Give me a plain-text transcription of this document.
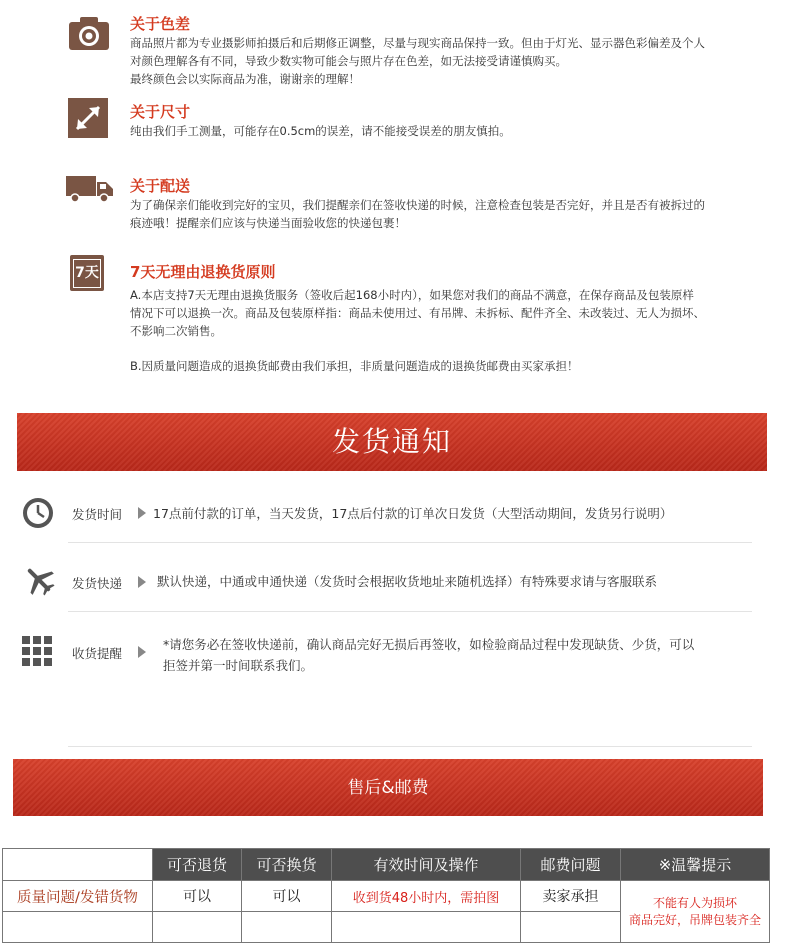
关于色差
商品照片都为专业摄影师拍摄后和后期修正调整，尽量与现实商品保持一致。但由于灯光、显示器色彩偏差及个人
对颜色理解各有不同，导致少数实物可能会与照片存在色差，如无法接受请谨慎购买。
最终颜色会以实际商品为准，谢谢亲的理解！
关于尺寸
纯由我们手工测量，可能存在0.5cm的误差，请不能接受误差的朋友慎拍。
关于配送
为了确保亲们能收到完好的宝贝，我们提醒亲们在签收快递的时候，注意检查包装是否完好，并且是否有被拆过的
痕迹哦！提醒亲们应该与快递当面验收您的快递包裹！
7天 7天无理由退换货原则
A.本店支持7天无理由退换货服务（签收后起168小时内），如果您对我们的商品不满意，在保存商品及包装原样
情况下可以退换一次。商品及包装原样指：商品未使用过、有吊牌、未拆标、配件齐全、未改装过、无人为损坏、
不影响二次销售。
B.因质量问题造成的退换货邮费由我们承担，非质量问题造成的退换货邮费由买家承担！
发货通知
发货时间 17点前付款的订单，当天发货，17点后付款的订单次日发货（大型活动期间，发货另行说明）
发货快递	默认快递，中通或申通快递（发货时会根据收货地址来随机选择）有特殊要求请与客服联系
收货提醒
*请您务必在签收快递前，确认商品完好无损后再签收，如检验商品过程中发现缺货、少货，可以
拒签并第一时间联系我们。
售后&邮费
	可否退货	可否换货	有效时间及操作	邮费问题	※温馨提示
质量问题/发错货物	可以	可以	收到货48小时内，需拍图	卖家承担	不能有人为损坏
商品完好，吊牌包装齐全
